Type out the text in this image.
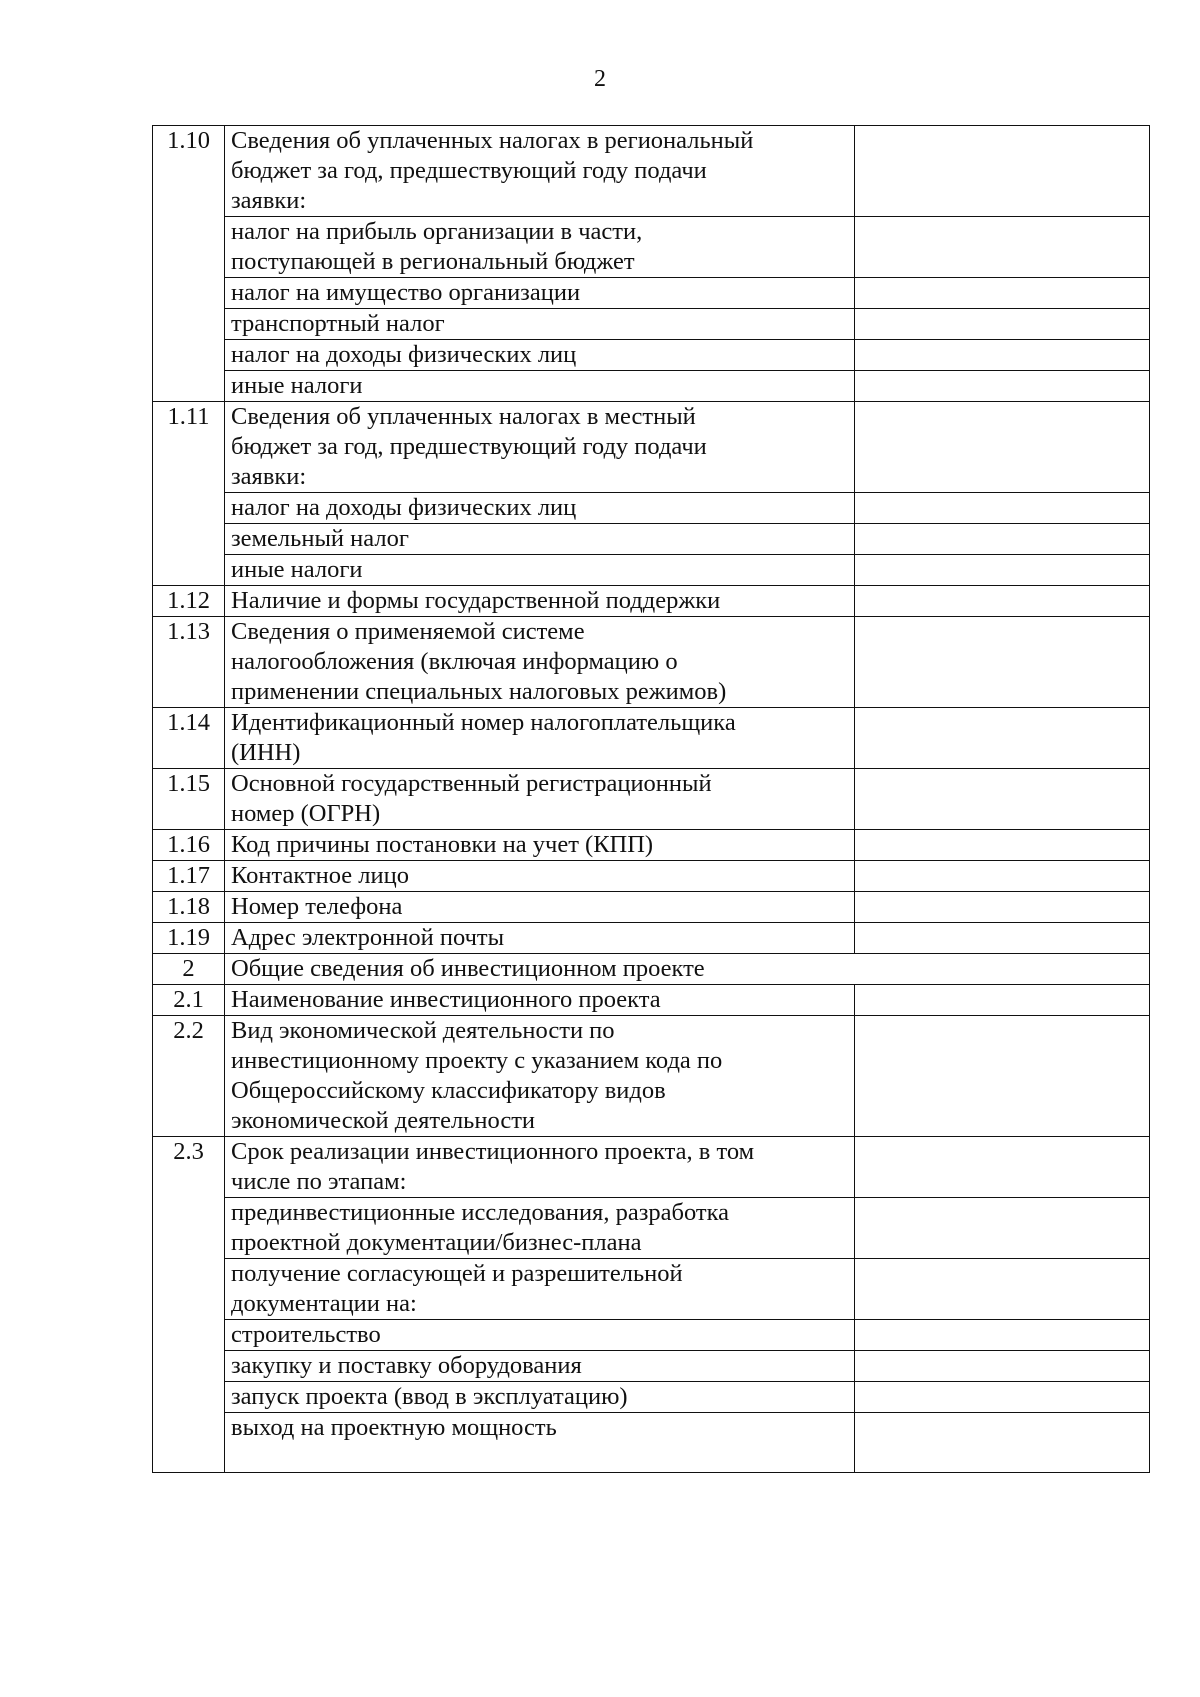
2
1.10	Сведения об уплаченных налогах в региональный
бюджет за год, предшествующий году подачи
заявки:	
	налог на прибыль организации в части,
поступающей в региональный бюджет	
	налог на имущество организации	
	транспортный налог	
	налог на доходы физических лиц	
	иные налоги	
1.11	Сведения об уплаченных налогах в местный
бюджет за год, предшествующий году подачи
заявки:	
	налог на доходы физических лиц	
	земельный налог	
	иные налоги	
1.12	Наличие и формы государственной поддержки	
1.13	Сведения о применяемой системе
налогообложения (включая информацию о
применении специальных налоговых режимов)	
1.14	Идентификационный номер налогоплательщика
(ИНН)	
1.15	Основной государственный регистрационный
номер (ОГРН)	
1.16	Код причины постановки на учет (КПП)	
1.17	Контактное лицо	
1.18	Номер телефона	
1.19	Адрес электронной почты	
2	Общие сведения об инвестиционном проекте	
2.1	Наименование инвестиционного проекта	
2.2	Вид экономической деятельности по
инвестиционному проекту с указанием кода по
Общероссийскому классификатору видов
экономической деятельности	
2.3	Срок реализации инвестиционного проекта, в том
числе по этапам:	
	прединвестиционные исследования, разработка
проектной документации/бизнес-плана	
	получение согласующей и разрешительной
документации на:	
	строительство	
	закупку и поставку оборудования	
	запуск проекта (ввод в эксплуатацию)	
	выход на проектную мощность	
